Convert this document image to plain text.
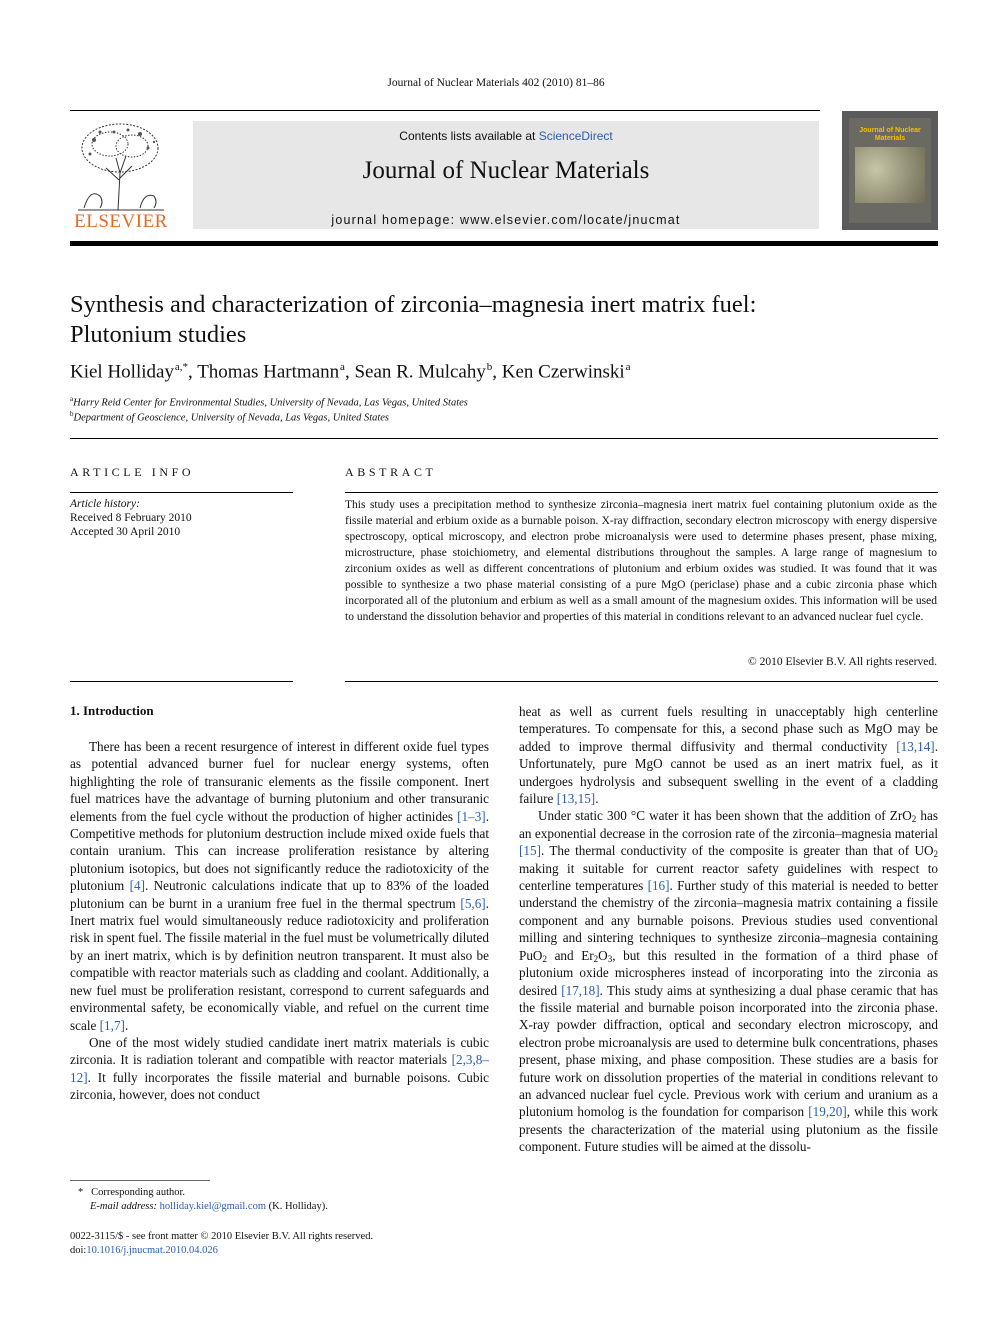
Journal of Nuclear Materials 402 (2010) 81–86
ELSEVIER
Contents lists available at ScienceDirect
Journal of Nuclear Materials
journal homepage: www.elsevier.com/locate/jnucmat
Journal of Nuclear Materials
Synthesis and characterization of zirconia–magnesia inert matrix fuel:
Plutonium studies
Kiel Holliday $^{a,*}$, Thomas Hartmann $^a$, Sean R. Mulcahy $^b$, Ken Czerwinski $^a$
$^a$Harry Reid Center for Environmental Studies, University of Nevada, Las Vegas, United States
$^b$Department of Geoscience, University of Nevada, Las Vegas, United States
ARTICLE INFO
Article history:
Received 8 February 2010
Accepted 30 April 2010
ABSTRACT
This study uses a precipitation method to synthesize zirconia–magnesia inert matrix fuel containing plutonium oxide as the fissile material and erbium oxide as a burnable poison. X-ray diffraction, secondary electron microscopy with energy dispersive spectroscopy, optical microscopy, and electron probe microanalysis were used to determine phases present, phase mixing, microstructure, phase stoichiometry, and elemental distributions throughout the samples. A large range of magnesium to zirconium oxides as well as different concentrations of plutonium and erbium oxides was studied. It was found that it was possible to synthesize a two phase material consisting of a pure MgO (periclase) phase and a cubic zirconia phase which incorporated all of the plutonium and erbium as well as a small amount of the magnesium oxides. This information will be used to understand the dissolution behavior and properties of this material in conditions relevant to an advanced nuclear fuel cycle.
© 2010 Elsevier B.V. All rights reserved.
1. Introduction

There has been a recent resurgence of interest in different oxide fuel types as potential advanced burner fuel for nuclear energy systems, often highlighting the role of transuranic elements as the fissile component. Inert fuel matrices have the advantage of burning plutonium and other transuranic elements from the fuel cycle without the production of higher actinides [1–3]. Competitive methods for plutonium destruction include mixed oxide fuels that contain uranium. This can increase proliferation resistance by altering plutonium isotopics, but does not significantly reduce the radiotoxicity of the plutonium [4]. Neutronic calculations indicate that up to 83% of the loaded plutonium can be burnt in a uranium free fuel in the thermal spectrum [5,6]. Inert matrix fuel would simultaneously reduce radiotoxicity and proliferation risk in spent fuel. The fissile material in the fuel must be volumetrically diluted by an inert matrix, which is by definition neutron transparent. It must also be compatible with reactor materials such as cladding and coolant. Additionally, a new fuel must be proliferation resistant, correspond to current safeguards and environmental safety, be economically viable, and refuel on the current time scale [1,7].

One of the most widely studied candidate inert matrix materials is cubic zirconia. It is radiation tolerant and compatible with reactor materials [2,3,8–12]. It fully incorporates the fissile material and burnable poisons. Cubic zirconia, however, does not conduct

heat as well as current fuels resulting in unacceptably high centerline temperatures. To compensate for this, a second phase such as MgO may be added to improve thermal diffusivity and thermal conductivity [13,14]. Unfortunately, pure MgO cannot be used as an inert matrix fuel, as it undergoes hydrolysis and subsequent swelling in the event of a cladding failure [13,15].

Under static 300 °C water it has been shown that the addition of ZrO$_2$ has an exponential decrease in the corrosion rate of the zirconia–magnesia material [15]. The thermal conductivity of the composite is greater than that of $UO_2$ making it suitable for current reactor safety guidelines with respect to centerline temperatures [16]. Further study of this material is needed to better understand the chemistry of the zirconia–magnesia matrix containing a fissile component and any burnable poisons. Previous studies used conventional milling and sintering techniques to synthesize zirconia–magnesia containing PuO$_2$ and $Er_2O_3$, but this resulted in the formation of a third phase of plutonium oxide microspheres instead of incorporating into the zirconia as desired [17,18]. This study aims at synthesizing a dual phase ceramic that has the fissile material and burnable poison incorporated into the zirconia phase. X-ray powder diffraction, optical and secondary electron microscopy, and electron probe microanalysis are used to determine bulk concentrations, phases present, phase mixing, and phase composition. These studies are a basis for future work on dissolution properties of the material in conditions relevant to an advanced nuclear fuel cycle. Previous work with cerium and uranium as a plutonium homolog is the foundation for comparison [19,20], while this work presents the characterization of the material using plutonium as the fissile component. Future studies will be aimed at the dissolu-

* Corresponding author.
E-mail address: holliday.kiel@gmail.com (K. Holliday).
0022-3115/$ - see front matter © 2010 Elsevier B.V. All rights reserved.
doi:10.1016/j.jnucmat.2010.04.026
